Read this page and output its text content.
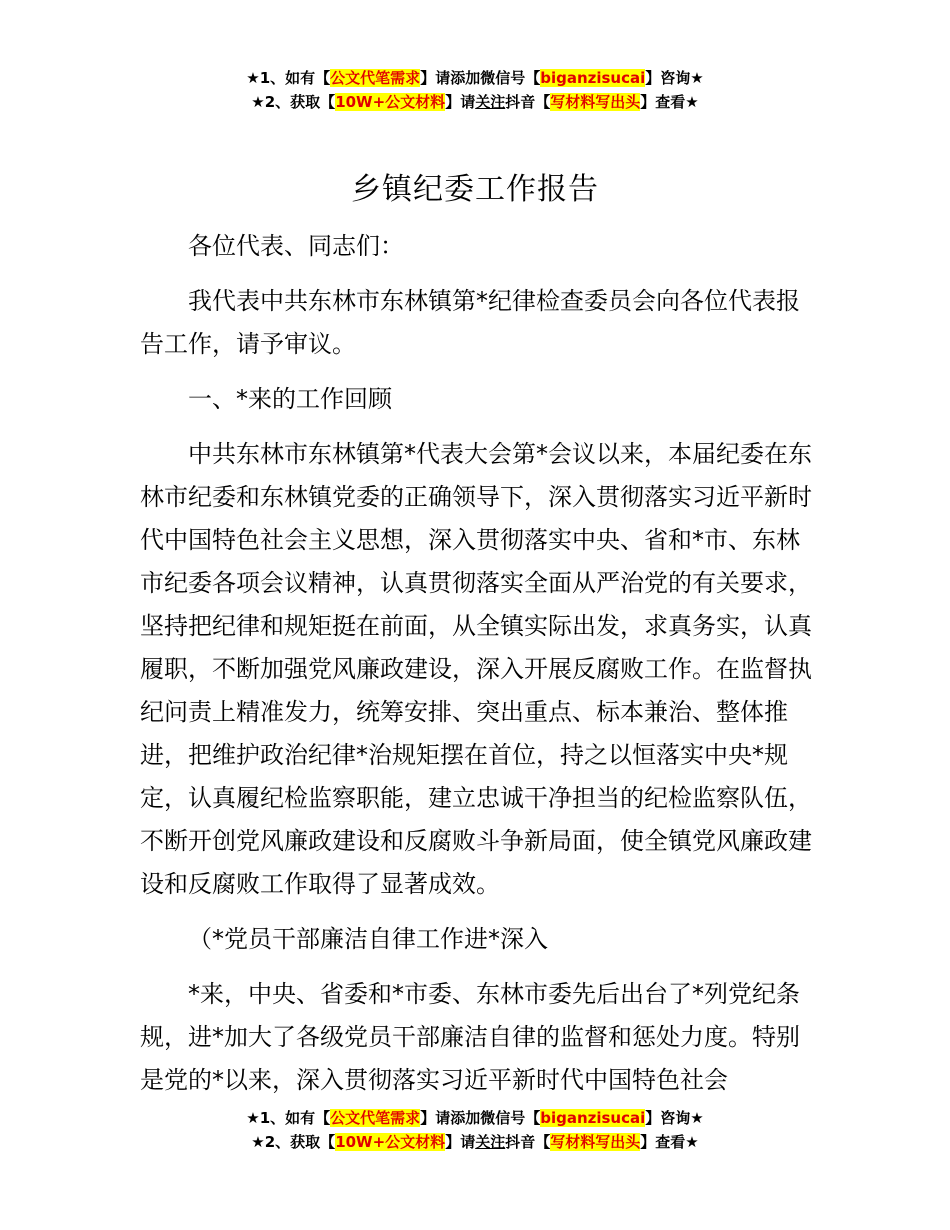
★1、如有【公文代笔需求】请添加微信号【biganzisucai】咨询★
★2、获取【10W+公文材料】请关注抖音【写材料写出头】查看★
乡镇纪委工作报告

各位代表、同志们：

我代表中共东林市东林镇第*纪律检查委员会向各位代表报告工作，请予审议。

一、*来的工作回顾

中共东林市东林镇第*代表大会第*会议以来，本届纪委在东林市纪委和东林镇党委的正确领导下，深入贯彻落实习近平新时代中国特色社会主义思想，深入贯彻落实中央、省和*市、东林市纪委各项会议精神，认真贯彻落实全面从严治党的有关要求，坚持把纪律和规矩挺在前面，从全镇实际出发，求真务实，认真履职，不断加强党风廉政建设，深入开展反腐败工作。在监督执纪问责上精准发力，统筹安排、突出重点、标本兼治、整体推进，把维护政治纪律*治规矩摆在首位，持之以恒落实中央*规定，认真履纪检监察职能，建立忠诚干净担当的纪检监察队伍，不断开创党风廉政建设和反腐败斗争新局面，使全镇党风廉政建设和反腐败工作取得了显著成效。

（*党员干部廉洁自律工作进*深入

*来，中央、省委和*市委、东林市委先后出台了*列党纪条规，进*加大了各级党员干部廉洁自律的监督和惩处力度。特别是党的*以来，深入贯彻落实习近平新时代中国特色社会

★1、如有【公文代笔需求】请添加微信号【biganzisucai】咨询★
★2、获取【10W+公文材料】请关注抖音【写材料写出头】查看★
